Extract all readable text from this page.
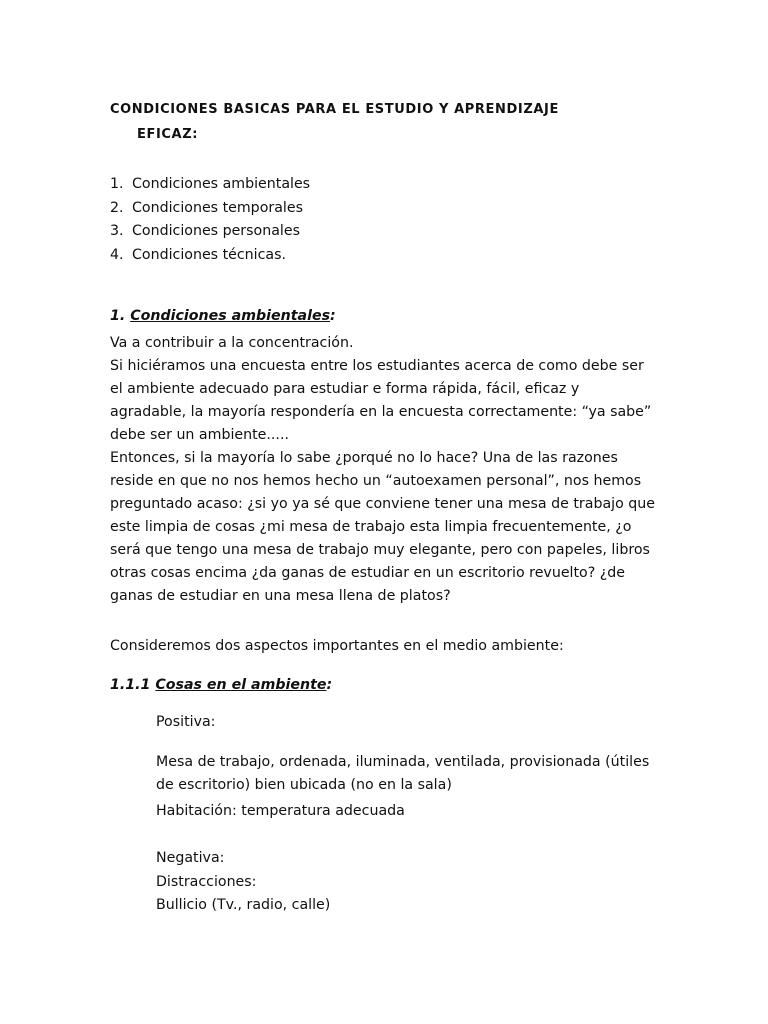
CONDICIONES BASICAS PARA EL ESTUDIO Y APRENDIZAJE
EFICAZ:
1. Condiciones ambientales
2. Condiciones temporales
3. Condiciones personales
4. Condiciones técnicas.
1. Condiciones ambientales:

Va a contribuir a la concentración.

Si hiciéramos una encuesta entre los estudiantes acerca de como debe ser

el ambiente adecuado para estudiar e forma rápida, fácil, eficaz y

agradable, la mayoría respondería en la encuesta correctamente: “ya sabe”

debe ser un ambiente.....

Entonces, si la mayoría lo sabe ¿porqué no lo hace? Una de las razones

reside en que no nos hemos hecho un “autoexamen personal”, nos hemos

preguntado acaso: ¿si yo ya sé que conviene tener una mesa de trabajo que

este limpia de cosas ¿mi mesa de trabajo esta limpia frecuentemente, ¿o

será que tengo una mesa de trabajo muy elegante, pero con papeles, libros

otras cosas encima ¿da ganas de estudiar en un escritorio revuelto? ¿de

ganas de estudiar en una mesa llena de platos?

Consideremos dos aspectos importantes en el medio ambiente:
1.1.1 Cosas en el ambiente:
Positiva:

Mesa de trabajo, ordenada, iluminada, ventilada, provisionada (útiles

de escritorio) bien ubicada (no en la sala)

Habitación: temperatura adecuada
Negativa:
Distracciones:
Bullicio (Tv., radio, calle)
